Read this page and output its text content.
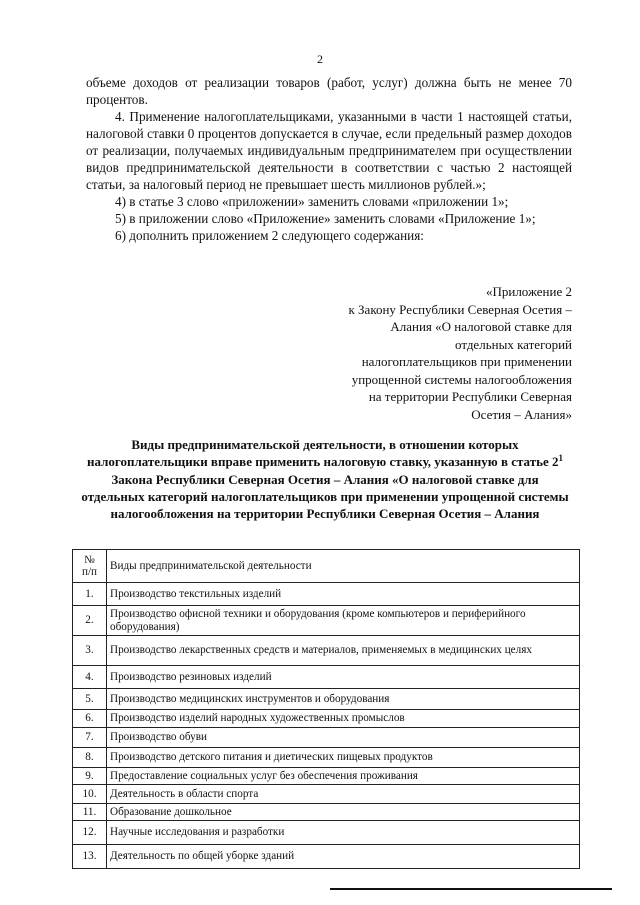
2

объеме доходов от реализации товаров (работ, услуг) должна быть не менее 70 процентов.

4. Применение налогоплательщиками, указанными в части 1 настоящей статьи, налоговой ставки 0 процентов допускается в случае, если предельный размер доходов от реализации, получаемых индивидуальным предпринимателем при осуществлении видов предпринимательской деятельности в соответствии с частью 2 настоящей статьи, за налоговый период не превышает шесть миллионов рублей.»;

4) в статье 3 слово «приложении» заменить словами «приложении 1»;

5) в приложении слово «Приложение» заменить словами «Приложение 1»;

6) дополнить приложением 2 следующего содержания:

«Приложение 2
к Закону Республики Северная Осетия –
Алания «О налоговой ставке для
отдельных категорий
налогоплательщиков при применении
упрощенной системы налогообложения
на территории Республики Северная
Осетия – Алания»
Виды предпринимательской деятельности, в отношении которых налогоплательщики вправе применить налоговую ставку, указанную в статье $2^1$ Закона Республики Северная Осетия – Алания «О налоговой ставке для отдельных категорий налогоплательщиков при применении упрощенной системы налогообложения на территории Республики Северная Осетия – Алания
№
п/п	Виды предпринимательской деятельности
1.	Производство текстильных изделий
2.	Производство офисной техники и оборудования (кроме компьютеров и периферийного оборудования)
3.	Производство лекарственных средств и материалов, применяемых в медицинских целях
4.	Производство резиновых изделий
5.	Производство медицинских инструментов и оборудования
6.	Производство изделий народных художественных промыслов
7.	Производство обуви
8.	Производство детского питания и диетических пищевых продуктов
9.	Предоставление социальных услуг без обеспечения проживания
10.	Деятельность в области спорта
11.	Образование дошкольное
12.	Научные исследования и разработки
13.	Деятельность по общей уборке зданий
